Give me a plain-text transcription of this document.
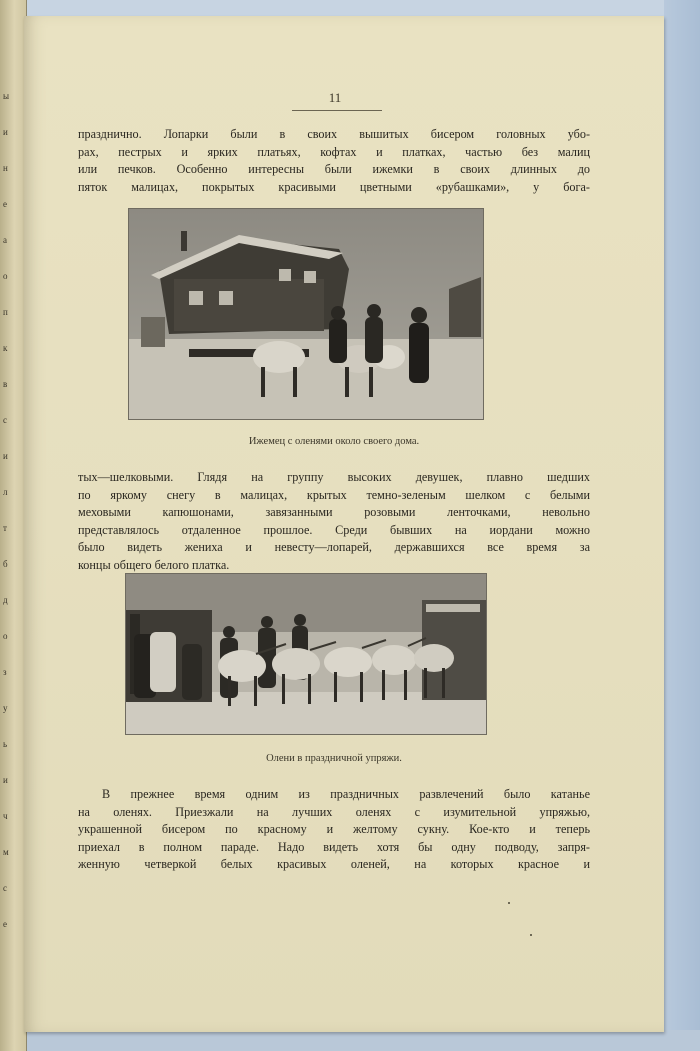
ы
и
н
е
а
о
п
к
в
с
и
л
т
б
д
о
з
у
ь
и
ч
м
с
е
11
празднично. Лопарки были в своих вышитых бисером головных убо-
рах, пестрых и ярких платьях, кофтах и платках, частью без малиц
или печков. Особенно интересны были ижемки в своих длинных до
пяток малицах, покрытых красивыми цветными «рубашками», у бога-
Ижемец с оленями около своего дома.
тых—шелковыми. Глядя на группу высоких девушек, плавно шедших
по яркому снегу в малицах, крытых темно-зеленым шелком с белыми
меховыми капюшонами, завязанными розовыми ленточками, невольно
представлялось отдаленное прошлое. Среди бывших на иордани можно
было видеть жениха и невесту—лопарей, державшихся все время за
концы общего белого платка.
Олени в праздничной упряжи.
В прежнее время одним из праздничных развлечений было катанье
на оленях. Приезжали на лучших оленях с изумительной упряжью,
украшенной бисером по красному и желтому сукну. Кое-кто и теперь
приехал в полном параде. Надо видеть хотя бы одну подводу, запря-
женную четверкой белых красивых оленей, на которых красное и
